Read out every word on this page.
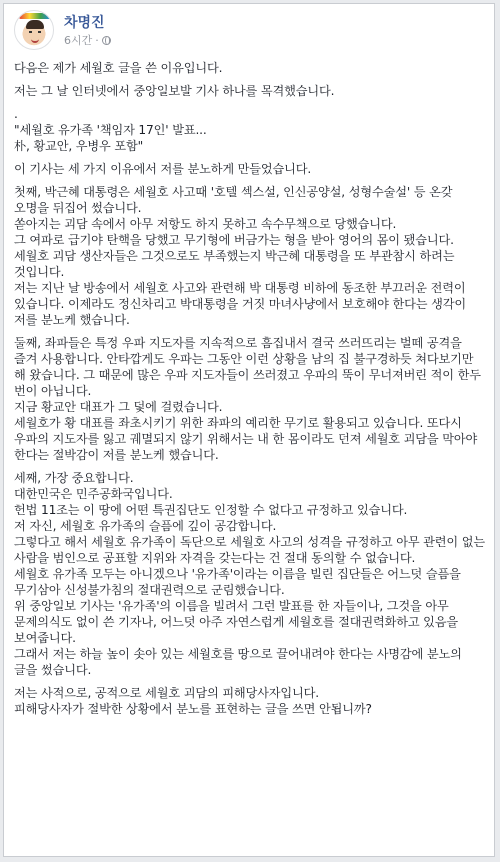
차명진
6시간 ·

다음은 제가 세월호 글을 쓴 이유입니다.

저는 그 날 인터넷에서 중앙일보발 기사 하나를 목격했습니다.

.
"세월호 유가족 '책임자 17인' 발표...
朴, 황교안, 우병우 포함"

이 기사는 세 가지 이유에서 저를 분노하게 만들었습니다.

첫째, 박근혜 대통령은 세월호 사고때 '호텔 섹스설, 인신공양설, 성형수술설' 등 온갖 오명을 뒤집어 썼습니다.
쏟아지는 괴담 속에서 아무 저항도 하지 못하고 속수무책으로 당했습니다.
그 여파로 급기야 탄핵을 당했고 무기형에 버금가는 형을 받아 영어의 몸이 됐습니다.
세월호 괴담 생산자들은 그것으로도 부족했는지 박근혜 대통령을 또 부관참시 하려는 것입니다.
저는 지난 날 방송에서 세월호 사고와 관련해 박 대통령 비하에 동조한 부끄러운 전력이 있습니다. 이제라도 정신차리고 박대통령을 거짓 마녀사냥에서 보호해야 한다는 생각이 저를 분노케 했습니다.

둘째, 좌파들은 특정 우파 지도자를 지속적으로 흠집내서 결국 쓰러뜨리는 벌떼 공격을 즐겨 사용합니다. 안타깝게도 우파는 그동안 이런 상황을 남의 집 불구경하듯 쳐다보기만 해 왔습니다. 그 때문에 많은 우파 지도자들이 쓰러졌고 우파의 뚝이 무너져버린 적이 한두 번이 아닙니다.
지금 황교안 대표가 그 덫에 걸렸습니다.
세월호가 황 대표를 좌초시키기 위한 좌파의 예리한 무기로 활용되고 있습니다. 또다시 우파의 지도자를 잃고 궤멸되지 않기 위해서는 내 한 몸이라도 던져 세월호 괴담을 막아야 한다는 절박감이 저를 분노케 했습니다.

세째, 가장 중요합니다.
대한민국은 민주공화국입니다.
헌법 11조는 이 땅에 어떤 특권집단도 인정할 수 없다고 규정하고 있습니다.
저 자신, 세월호 유가족의 슬픔에 깊이 공감합니다.
그렇다고 해서 세월호 유가족이 독단으로 세월호 사고의 성격을 규정하고 아무 관련이 없는 사람을 범인으로 공표할 지위와 자격을 갖는다는 건 절대 동의할 수 없습니다.
세월호 유가족 모두는 아니겠으나 '유가족'이라는 이름을 빌린 집단들은 어느덧 슬픔을 무기삼아 신성불가침의 절대권력으로 군림했습니다.
위 중앙일보 기사는 '유가족'의 이름을 빌려서 그런 발표를 한 자들이나, 그것을 아무 문제의식도 없이 쓴 기자나, 어느덧 아주 자연스럽게 세월호를 절대권력화하고 있음을 보여줍니다.
그래서 저는 하늘 높이 솟아 있는 세월호를 땅으로 끌어내려야 한다는 사명감에 분노의 글을 썼습니다.

저는 사적으로, 공적으로 세월호 괴담의 피해당사자입니다.
피해당사자가 절박한 상황에서 분노를 표현하는 글을 쓰면 안됩니까?
